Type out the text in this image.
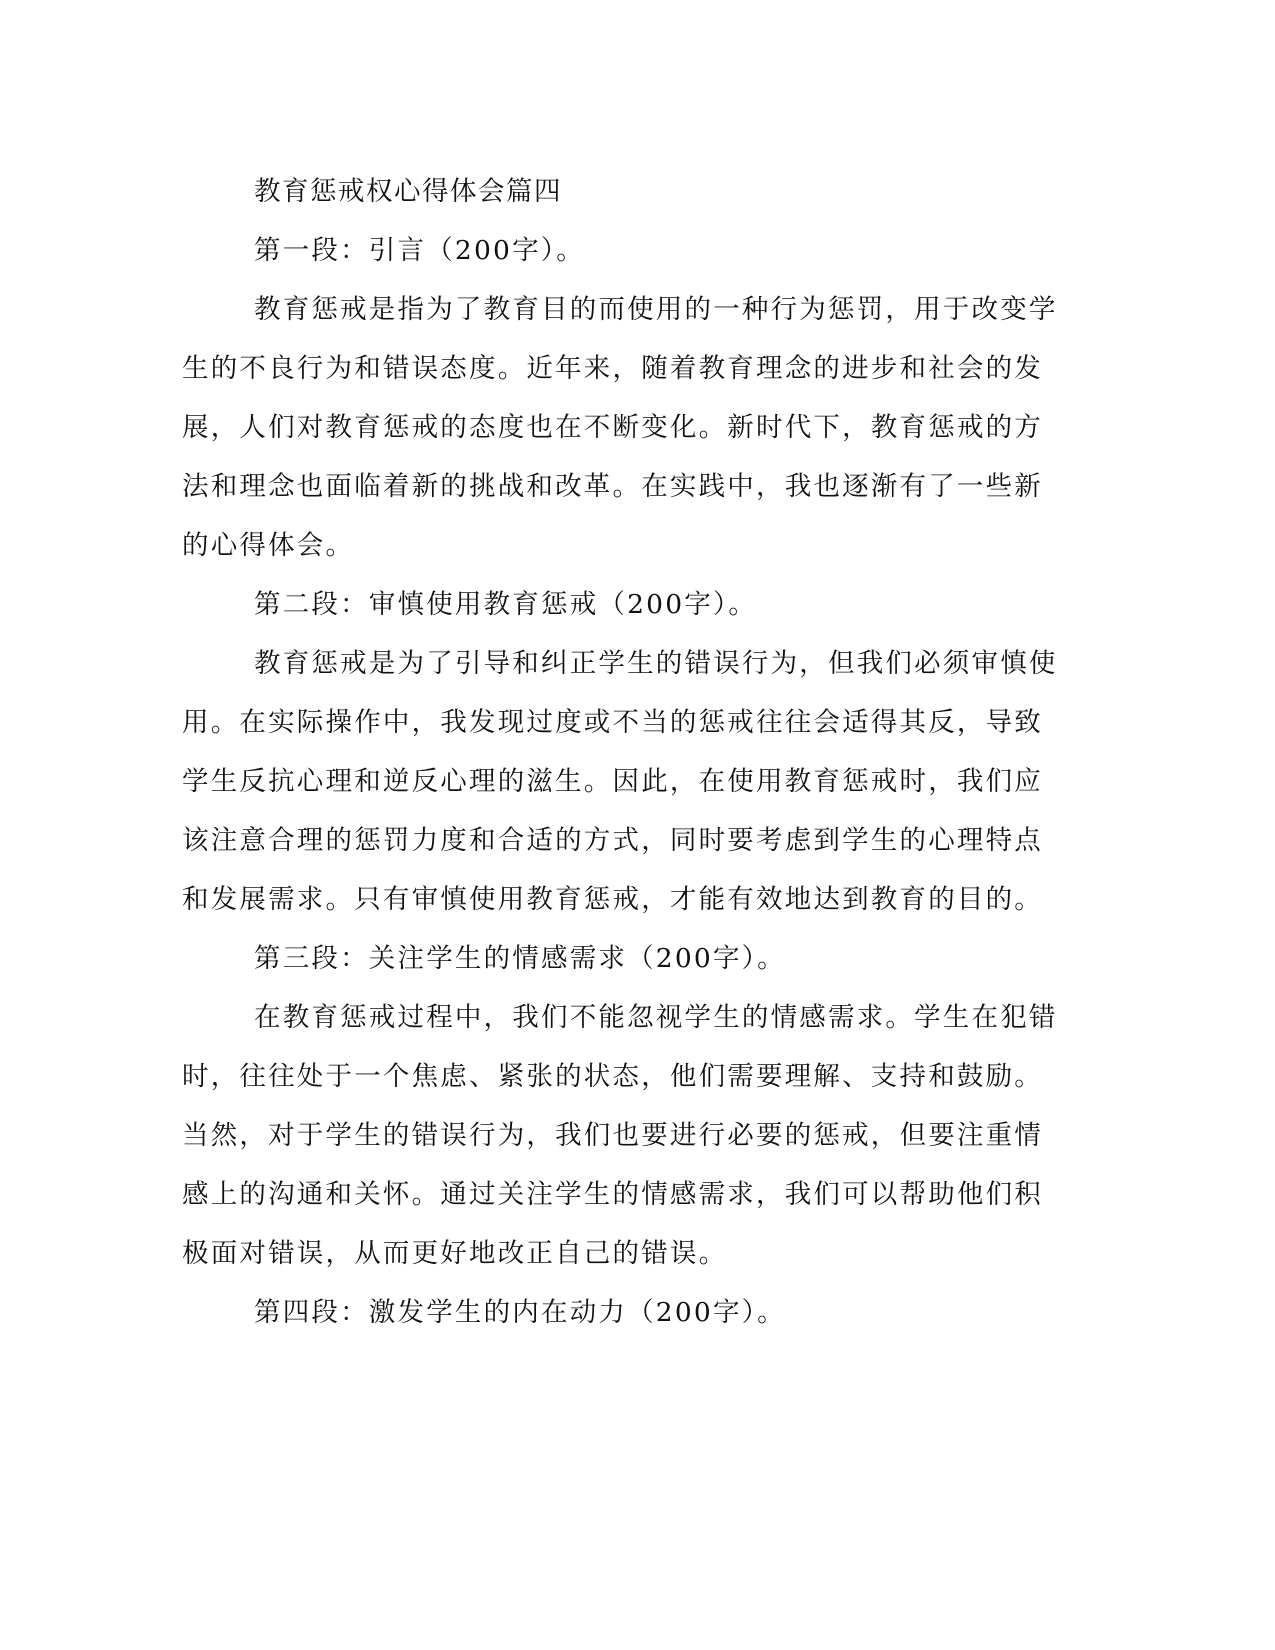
教育惩戒权心得体会篇四
第一段：引言（200字）。
教育惩戒是指为了教育目的而使用的一种行为惩罚，用于改变学
生的不良行为和错误态度。近年来，随着教育理念的进步和社会的发
展，人们对教育惩戒的态度也在不断变化。新时代下，教育惩戒的方
法和理念也面临着新的挑战和改革。在实践中，我也逐渐有了一些新
的心得体会。
第二段：审慎使用教育惩戒（200字）。
教育惩戒是为了引导和纠正学生的错误行为，但我们必须审慎使
用。在实际操作中，我发现过度或不当的惩戒往往会适得其反，导致
学生反抗心理和逆反心理的滋生。因此，在使用教育惩戒时，我们应
该注意合理的惩罚力度和合适的方式，同时要考虑到学生的心理特点
和发展需求。只有审慎使用教育惩戒，才能有效地达到教育的目的。
第三段：关注学生的情感需求（200字）。
在教育惩戒过程中，我们不能忽视学生的情感需求。学生在犯错
时，往往处于一个焦虑、紧张的状态，他们需要理解、支持和鼓励。
当然，对于学生的错误行为，我们也要进行必要的惩戒，但要注重情
感上的沟通和关怀。通过关注学生的情感需求，我们可以帮助他们积
极面对错误，从而更好地改正自己的错误。
第四段：激发学生的内在动力（200字）。
